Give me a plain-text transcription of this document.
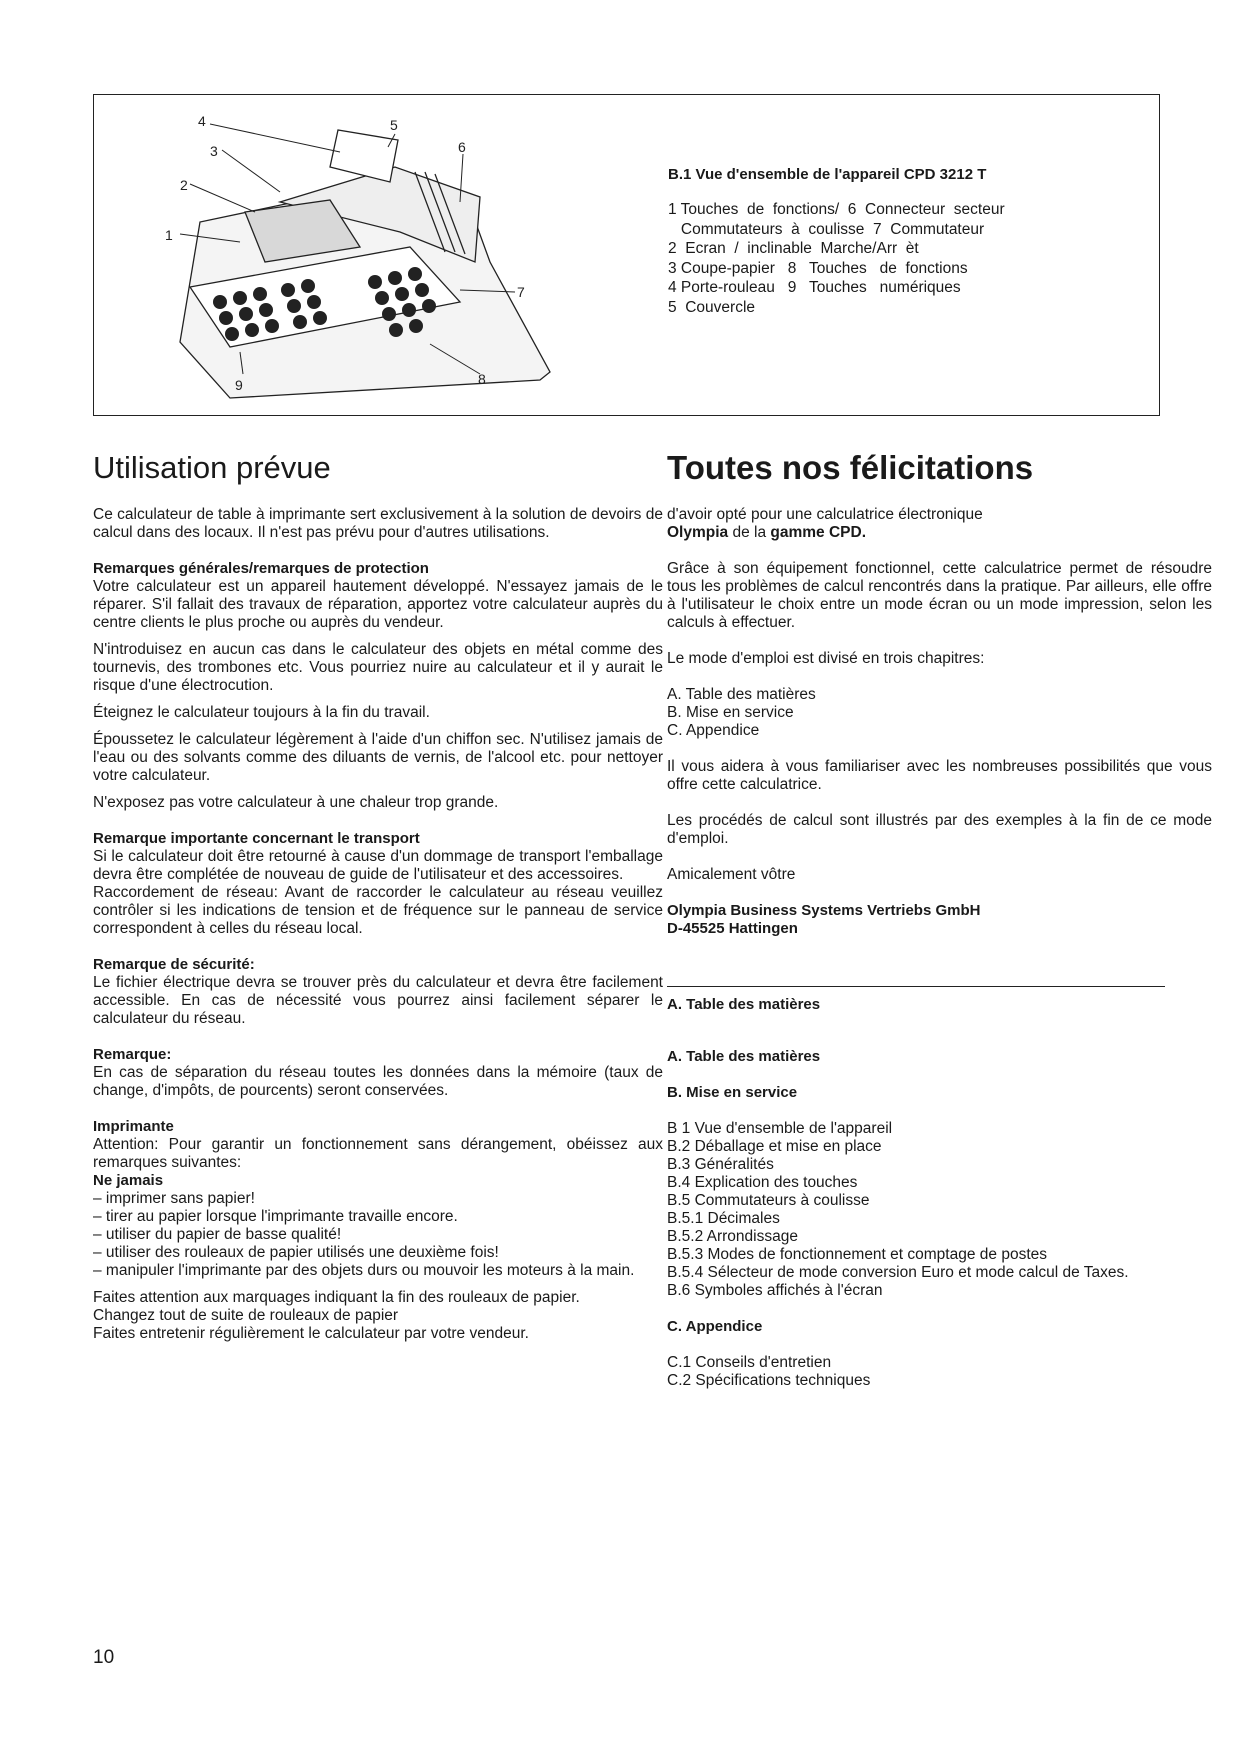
1
2
3
4	5
6
7
8
9
B.1 Vue d'ensemble de l'appareil CPD 3212 T
1 Touches  de  fonctions/  6  Connecteur  secteur
Commutateurs  à  coulisse  7  Commutateur
2  Ecran  /  inclinable  Marche/Arr  èt
3 Coupe-papier   8   Touches   de  fonctions
4 Porte-rouleau   9   Touches   numériques
5  Couvercle
Utilisation prévue

Ce calculateur de table à imprimante sert exclusivement à la solution de devoirs de calcul dans des locaux. Il n'est pas prévu pour d'autres utilisations.

Remarques générales/remarques de protection

Votre calculateur est un appareil hautement développé. N'essayez jamais de le réparer. S'il fallait des travaux de réparation, apportez votre calculateur auprès du centre clients le plus proche ou auprès du vendeur.

N'introduisez en aucun cas dans le calculateur des objets en métal comme des tournevis, des trombones etc. Vous pourriez nuire au calculateur et il y aurait le risque d'une électrocution.

Éteignez le calculateur toujours à la fin du travail.

Époussetez le calculateur légèrement à l'aide d'un chiffon sec. N'utilisez jamais de l'eau ou des solvants comme des diluants de vernis, de l'alcool etc. pour nettoyer votre calculateur.

N'exposez pas votre calculateur à une chaleur trop grande.

Remarque importante concernant le transport

Si le calculateur doit être retourné à cause d'un dommage de transport l'emballage devra être complétée de nouveau de guide de l'utilisateur et des accessoires.

Raccordement de réseau: Avant de raccorder le calculateur au réseau veuillez contrôler si les indications de tension et de fréquence sur le panneau de service correspondent à celles du réseau local.

Remarque de sécurité:

Le fichier électrique devra se trouver près du calculateur et devra être facilement accessible. En cas de nécessité vous pourrez ainsi facilement séparer le calculateur du réseau.

Remarque:

En cas de séparation du réseau toutes les données dans la mémoire (taux de change, d'impôts, de pourcents) seront conservées.

Imprimante

Attention: Pour garantir un fonctionnement sans dérangement, obéissez aux remarques suivantes:

Ne jamais
– imprimer sans papier!
– tirer au papier lorsque l'imprimante travaille encore.
– utiliser du papier de basse qualité!
– utiliser des rouleaux de papier utilisés une deuxième fois!
– manipuler l'imprimante par des objets durs ou mouvoir les moteurs à la main.

Faites attention aux marquages indiquant la fin des rouleaux de papier.

Changez tout de suite de rouleaux de papier

Faites entretenir régulièrement le calculateur par votre vendeur.

Toutes nos félicitations

d'avoir opté pour une calculatrice électronique

Olympia de la gamme CPD.

Grâce à son équipement fonctionnel, cette calculatrice permet de résoudre tous les problèmes de calcul rencontrés dans la pratique. Par ailleurs, elle offre à l'utilisateur le choix entre un mode écran ou un mode impression, selon les calculs à effectuer.

Le mode d'emploi est divisé en trois chapitres:

A. Table des matières
B. Mise en service
C. Appendice

Il vous aidera à vous familiariser avec les nombreuses possibilités que vous offre cette calculatrice.

Les procédés de calcul sont illustrés par des exemples à la fin de ce mode d'emploi.

Amicalement vôtre

Olympia Business Systems Vertriebs GmbH
D-45525 Hattingen
A. Table des matières
A. Table des matières
B. Mise en service
B 1 Vue d'ensemble de l'appareil
B.2 Déballage et mise en place
B.3 Généralités
B.4 Explication des touches
B.5 Commutateurs à coulisse
B.5.1 Décimales
B.5.2 Arrondissage
B.5.3 Modes de fonctionnement et comptage de postes
B.5.4 Sélecteur de mode conversion Euro et mode calcul de Taxes.
B.6 Symboles affichés à l'écran
C. Appendice
C.1 Conseils d'entretien
C.2 Spécifications techniques
10
